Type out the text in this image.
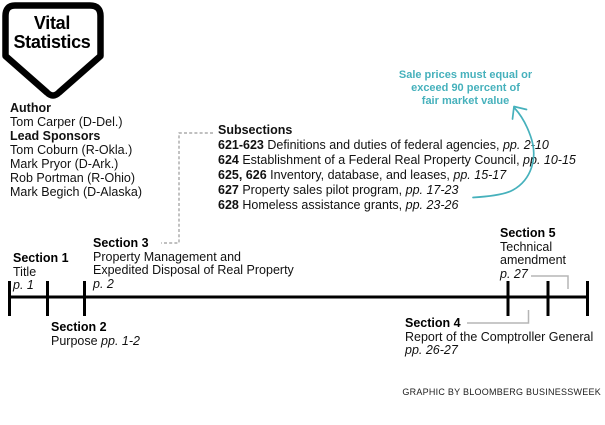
Vital
Statistics
Author
Tom Carper (D-Del.)
Lead Sponsors
Tom Coburn (R-Okla.)
Mark Pryor (D-Ark.)
Rob Portman (R-Ohio)
Mark Begich (D-Alaska)
Subsections
621-623 Definitions and duties of federal agencies, pp. 2-10
624 Establishment of a Federal Real Property Council, pp. 10-15
625, 626 Inventory, database, and leases, pp. 15-17
627 Property sales pilot program, pp. 17-23
628 Homeless assistance grants, pp. 23-26
Sale prices must equal or
exceed 90 percent of
fair market value
Section 1
Title
p. 1
Section 3
Property Management and
Expedited Disposal of Real Property
p. 2
Section 2
Purpose pp. 1-2
Section 4
Report of the Comptroller General
pp. 26-27
Section 5
Technical
amendment
p. 27
GRAPHIC BY BLOOMBERG BUSINESSWEEK
